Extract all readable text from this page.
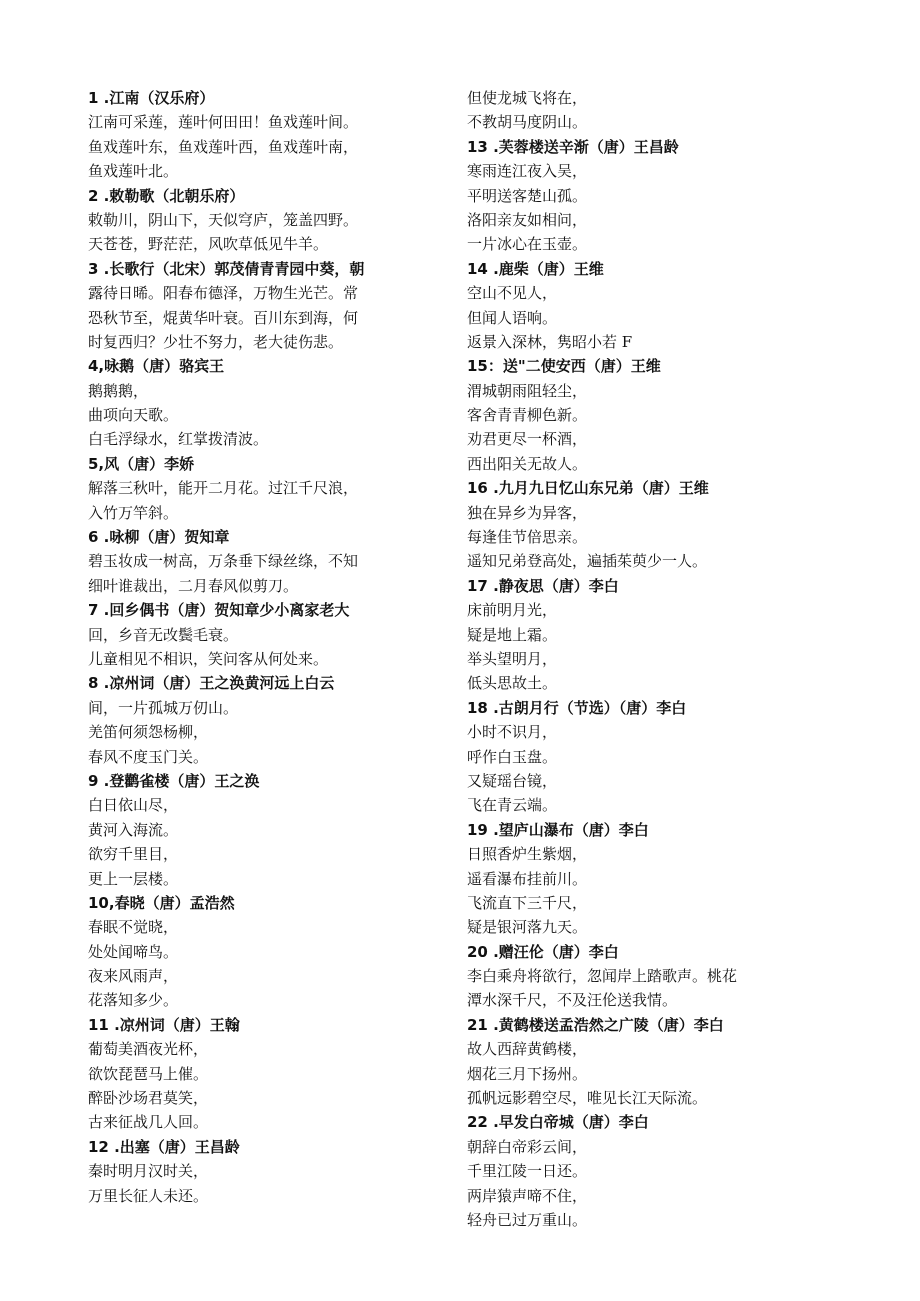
1 .江南（汉乐府）
江南可采莲，莲叶何田田！鱼戏莲叶间。
鱼戏莲叶东，鱼戏莲叶西，鱼戏莲叶南，
鱼戏莲叶北。
2 .敕勒歌（北朝乐府）
敕勒川，阴山下，天似穹庐，笼盖四野。
天苍苍，野茫茫，风吹草低见牛羊。
3 .长歌行（北宋）郭茂倩青青园中葵，朝
露待日晞。阳春布德泽，万物生光芒。常
恐秋节至，焜黄华叶衰。百川东到海，何
时复西归？少壮不努力，老大徒伤悲。
4,咏鹅（唐）骆宾王
鹅鹅鹅，
曲项向天歌。
白毛浮绿水，红掌拨清波。
5,风（唐）李娇
解落三秋叶，能开二月花。过江千尺浪，
入竹万竿斜。
6 .咏柳（唐）贺知章
碧玉妆成一树高，万条垂下绿丝绦，不知
细叶谁裁出，二月春风似剪刀。
7 .回乡偶书（唐）贺知章少小离家老大
回，乡音无改鬓毛衰。
儿童相见不相识，笑问客从何处来。
8 .凉州词（唐）王之涣黄河远上白云
间，一片孤城万仞山。
羌笛何须怨杨柳，
春风不度玉门关。
9 .登鹳雀楼（唐）王之涣
白日依山尽，
黄河入海流。
欲穷千里目，
更上一层楼。
10,春晓（唐）孟浩然
春眠不觉晓，
处处闻啼鸟。
夜来风雨声，
花落知多少。
11 .凉州词（唐）王翰
葡萄美酒夜光杯，
欲饮琵琶马上催。
醉卧沙场君莫笑，
古来征战几人回。
12 .出塞（唐）王昌龄
秦时明月汉时关，
万里长征人未还。
但使龙城飞将在，
不教胡马度阴山。
13 .芙蓉楼送辛渐（唐）王昌龄
寒雨连江夜入吴，
平明送客楚山孤。
洛阳亲友如相问，
一片冰心在玉壶。
14 .鹿柴（唐）王维
空山不见人，
但闻人语响。
返景入深林，隽昭小若 F
15：送"二使安西（唐）王维
渭城朝雨阻轻尘，
客舍青青柳色新。
劝君更尽一杯酒，
西出阳关无故人。
16 .九月九日忆山东兄弟（唐）王维
独在异乡为异客，
每逢佳节倍思亲。
遥知兄弟登高处，遍插茱萸少一人。
17 .静夜思（唐）李白
床前明月光，
疑是地上霜。
举头望明月，
低头思故土。
18 .古朗月行（节选）（唐）李白
小时不识月，
呼作白玉盘。
又疑瑶台镜，
飞在青云端。
19 .望庐山瀑布（唐）李白
日照香炉生紫烟，
遥看瀑布挂前川。
飞流直下三千尺，
疑是银河落九天。
20 .赠汪伦（唐）李白
李白乘舟将欲行，忽闻岸上踏歌声。桃花
潭水深千尺，不及汪伦送我情。
21 .黄鹤楼送孟浩然之广陵（唐）李白
故人西辞黄鹤楼，
烟花三月下扬州。
孤帆远影碧空尽，唯见长江天际流。
22 .早发白帝城（唐）李白
朝辞白帝彩云间，
千里江陵一日还。
两岸猿声啼不住，
轻舟已过万重山。
